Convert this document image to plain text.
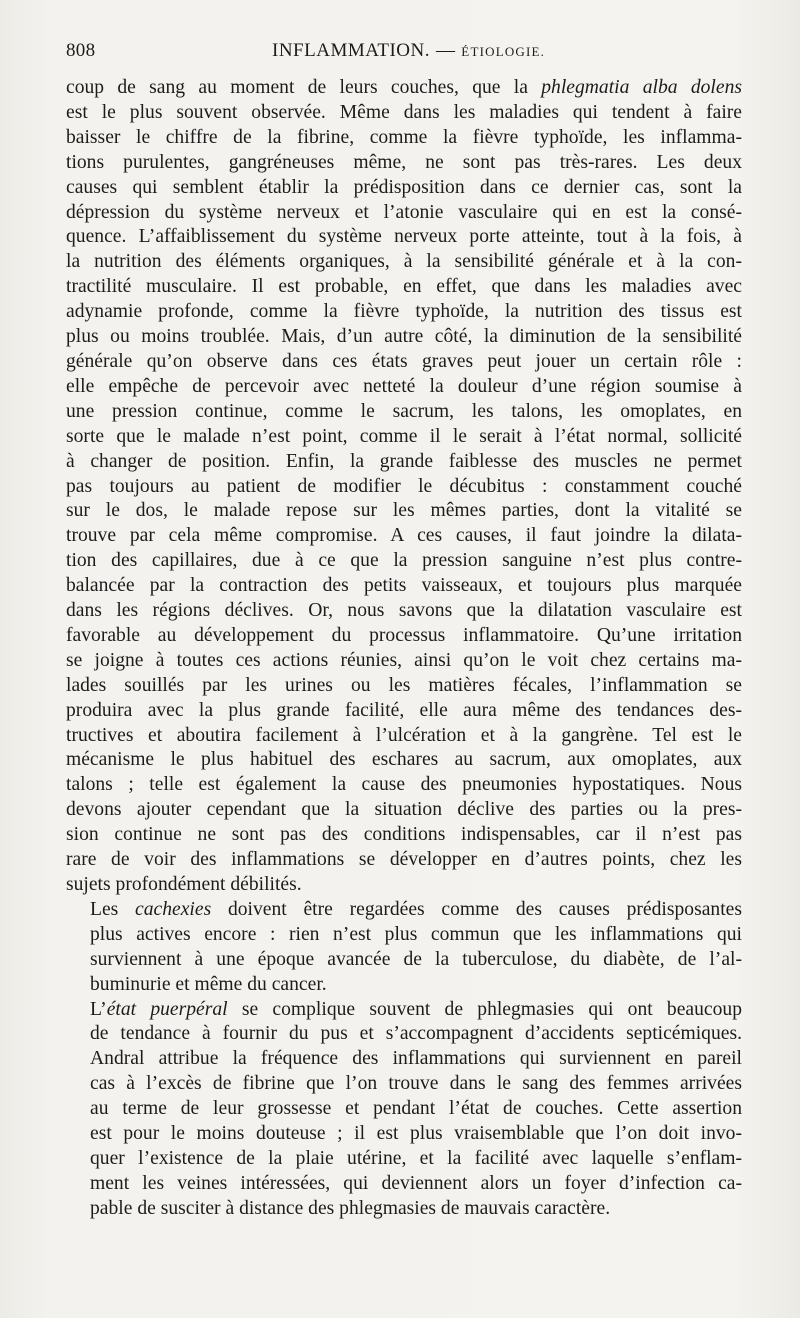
808	INFLAMMATION. — ÉTIOLOGIE.

coup de sang au moment de leurs couches, que la phlegmatia alba dolens
est le plus souvent observée. Même dans les maladies qui tendent à faire
baisser le chiffre de la fibrine, comme la fièvre typhoïde, les inflamma-
tions purulentes, gangréneuses même, ne sont pas très-rares. Les deux
causes qui semblent établir la prédisposition dans ce dernier cas, sont la
dépression du système nerveux et l’atonie vasculaire qui en est la consé-
quence. L’affaiblissement du système nerveux porte atteinte, tout à la fois, à
la nutrition des éléments organiques, à la sensibilité générale et à la con-
tractilité musculaire. Il est probable, en effet, que dans les maladies avec
adynamie profonde, comme la fièvre typhoïde, la nutrition des tissus est
plus ou moins troublée. Mais, d’un autre côté, la diminution de la sensibilité
générale qu’on observe dans ces états graves peut jouer un certain rôle :
elle empêche de percevoir avec netteté la douleur d’une région soumise à
une pression continue, comme le sacrum, les talons, les omoplates, en
sorte que le malade n’est point, comme il le serait à l’état normal, sollicité
à changer de position. Enfin, la grande faiblesse des muscles ne permet
pas toujours au patient de modifier le décubitus : constamment couché
sur le dos, le malade repose sur les mêmes parties, dont la vitalité se
trouve par cela même compromise. A ces causes, il faut joindre la dilata-
tion des capillaires, due à ce que la pression sanguine n’est plus contre-
balancée par la contraction des petits vaisseaux, et toujours plus marquée
dans les régions déclives. Or, nous savons que la dilatation vasculaire est
favorable au développement du processus inflammatoire. Qu’une irritation
se joigne à toutes ces actions réunies, ainsi qu’on le voit chez certains ma-
lades souillés par les urines ou les matières fécales, l’inflammation se
produira avec la plus grande facilité, elle aura même des tendances des-
tructives et aboutira facilement à l’ulcération et à la gangrène. Tel est le
mécanisme le plus habituel des eschares au sacrum, aux omoplates, aux
talons ; telle est également la cause des pneumonies hypostatiques. Nous
devons ajouter cependant que la situation déclive des parties ou la pres-
sion continue ne sont pas des conditions indispensables, car il n’est pas
rare de voir des inflammations se développer en d’autres points, chez les
sujets profondément débilités.

Les cachexies doivent être regardées comme des causes prédisposantes
plus actives encore : rien n’est plus commun que les inflammations qui
surviennent à une époque avancée de la tuberculose, du diabète, de l’al-
buminurie et même du cancer.

L’état puerpéral se complique souvent de phlegmasies qui ont beaucoup
de tendance à fournir du pus et s’accompagnent d’accidents septicémiques.
Andral attribue la fréquence des inflammations qui surviennent en pareil
cas à l’excès de fibrine que l’on trouve dans le sang des femmes arrivées
au terme de leur grossesse et pendant l’état de couches. Cette assertion
est pour le moins douteuse ; il est plus vraisemblable que l’on doit invo-
quer l’existence de la plaie utérine, et la facilité avec laquelle s’enflam-
ment les veines intéressées, qui deviennent alors un foyer d’infection ca-
pable de susciter à distance des phlegmasies de mauvais caractère.
